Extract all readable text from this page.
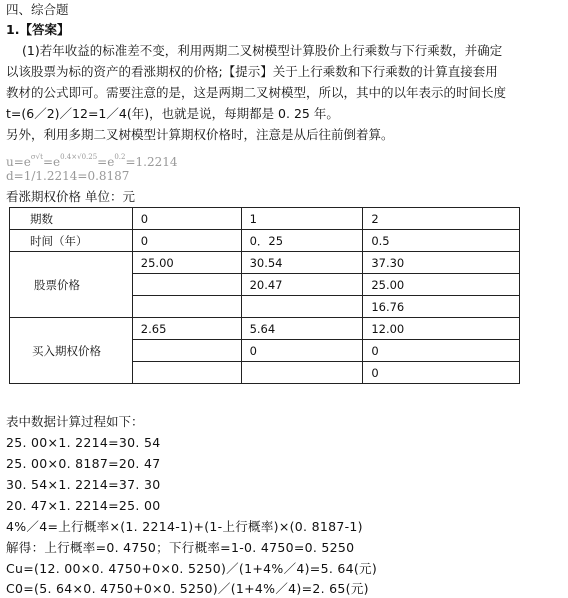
四、综合题
1.【答案】
(1)若年收益的标准差不变，利用两期二叉树模型计算股价上行乘数与下行乘数，并确定
以该股票为标的资产的看涨期权的价格;【提示】关于上行乘数和下行乘数的计算直接套用
教材的公式即可。需要注意的是，这是两期二叉树模型，所以，其中的以年表示的时间长度
t=(6／2)／12=1／4(年)，也就是说，每期都是 0. 25 年。
另外，利用多期二叉树模型计算期权价格时，注意是从后往前倒着算。
$u=e^{\sigma√t}=e^{0.4\times√0.25}=e^{0.2}=1.2214$
d=1/1.2214=0.8187
看涨期权价格 单位：元
期数	0	1	2
时间（年）	0	0．25	0.5
股票价格	25.00	30.54	37.30
		20.47	25.00
			16.76
买入期权价格	2.65	5.64	12.00
		0	0
			0
表中数据计算过程如下：
25. 00×1. 2214=30. 54
25. 00×0. 8187=20. 47
30. 54×1. 2214=37. 30
20. 47×1. 2214=25. 00
4%／4=上行概率×(1. 2214-1)+(1-上行概率)×(0. 8187-1)
解得：上行概率=0. 4750；下行概率=1-0. 4750=0. 5250
Cu=(12. 00×0. 4750+0×0. 5250)／(1+4%／4)=5. 64(元)
C0=(5. 64×0. 4750+0×0. 5250)／(1+4%／4)=2. 65(元)
